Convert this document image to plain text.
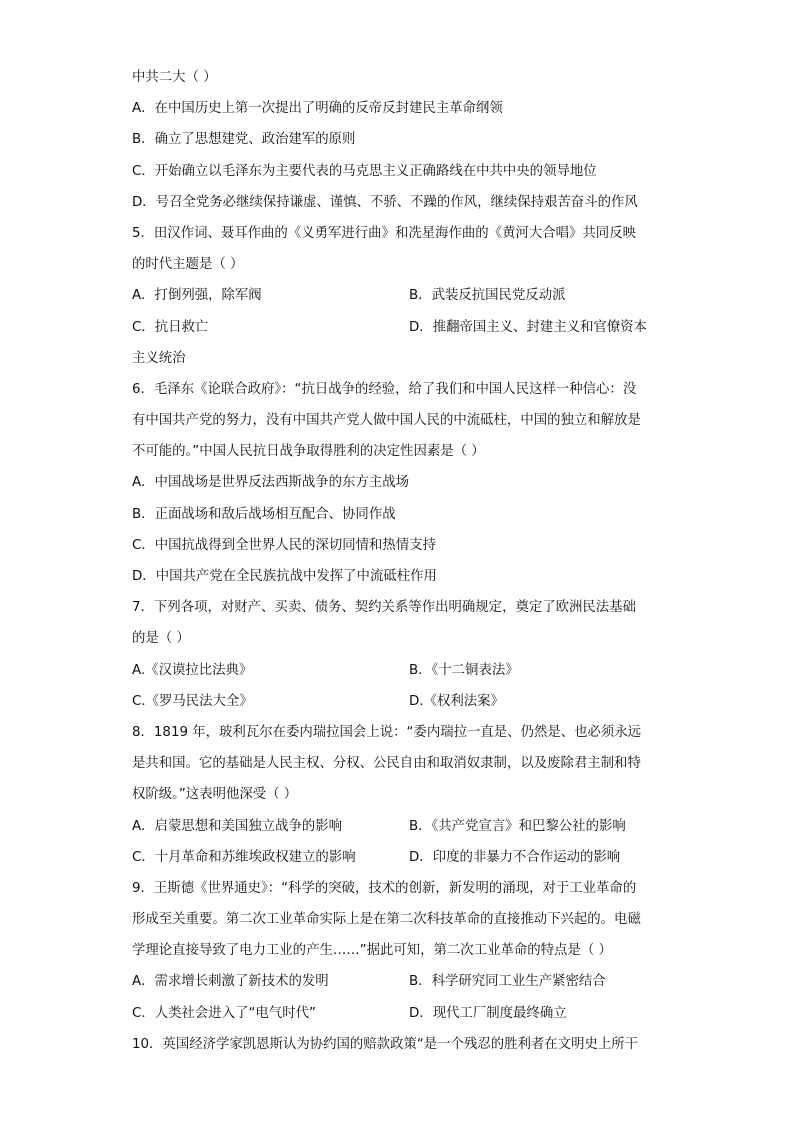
中共二大（ ）
A．在中国历史上第一次提出了明确的反帝反封建民主革命纲领
B．确立了思想建党、政治建军的原则
C．开始确立以毛泽东为主要代表的马克思主义正确路线在中共中央的领导地位
D．号召全党务必继续保持谦虚、谨慎、不骄、不躁的作风，继续保持艰苦奋斗的作风
5．田汉作词、聂耳作曲的《义勇军进行曲》和冼星海作曲的《黄河大合唱》共同反映
的时代主题是（ ）
A．打倒列强，除军阀	B．武装反抗国民党反动派
C．抗日救亡	D．推翻帝国主义、封建主义和官僚资本
主义统治
6．毛泽东《论联合政府》：“抗日战争的经验，给了我们和中国人民这样一种信心：没
有中国共产党的努力，没有中国共产党人做中国人民的中流砥柱，中国的独立和解放是
不可能的。”中国人民抗日战争取得胜利的决定性因素是（ ）
A．中国战场是世界反法西斯战争的东方主战场
B．正面战场和敌后战场相互配合、协同作战
C．中国抗战得到全世界人民的深切同情和热情支持
D．中国共产党在全民族抗战中发挥了中流砥柱作用
7．下列各项，对财产、买卖、债务、契约关系等作出明确规定，奠定了欧洲民法基础
的是（ ）
A.《汉谟拉比法典》	B．《十二铜表法》
C.《罗马民法大全》	D.《权利法案》
8．1819 年，玻利瓦尔在委内瑞拉国会上说：“委内瑞拉一直是、仍然是、也必须永远
是共和国。它的基础是人民主权、分权、公民自由和取消奴隶制，以及废除君主制和特
权阶级。”这表明他深受（ ）
A．启蒙思想和美国独立战争的影响	B．《共产党宣言》和巴黎公社的影响
C．十月革命和苏维埃政权建立的影响	D．印度的非暴力不合作运动的影响
9．王斯德《世界通史》：“科学的突破，技术的创新，新发明的涌现，对于工业革命的
形成至关重要。第二次工业革命实际上是在第二次科技革命的直接推动下兴起的。电磁
学理论直接导致了电力工业的产生……”据此可知，第二次工业革命的特点是（ ）
A．需求增长刺激了新技术的发明	B．科学研究同工业生产紧密结合
C．人类社会进入了“电气时代”	D．现代工厂制度最终确立
10．英国经济学家凯恩斯认为协约国的赔款政策“是一个残忍的胜利者在文明史上所干
